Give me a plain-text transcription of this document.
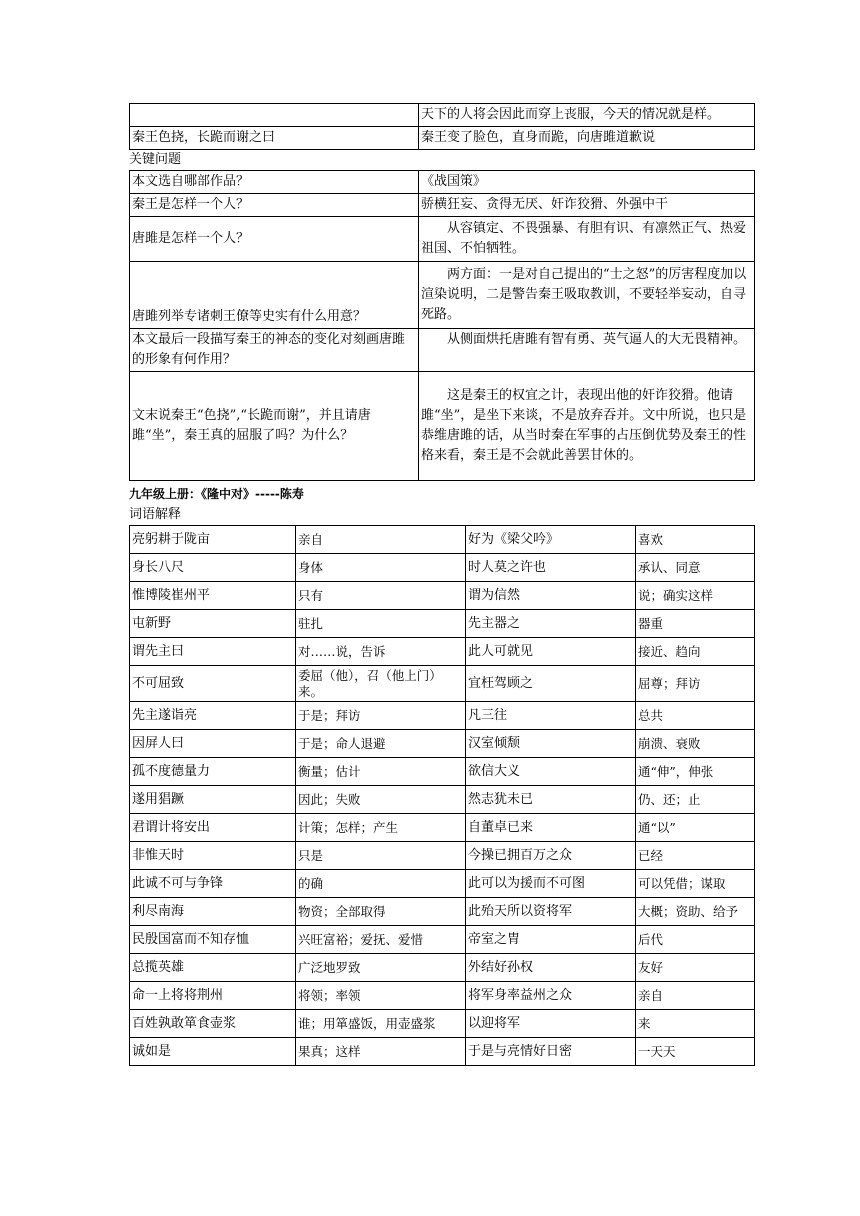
	天下的人将会因此而穿上丧服，今天的情况就是样。
秦王色挠，长跪而谢之曰	秦王变了脸色，直身而跪，向唐雎道歉说
关键问题
本文选自哪部作品？	《战国策》
秦王是怎样一个人？	骄横狂妄、贪得无厌、奸诈狡猾、外强中干
唐雎是怎样一个人？	从容镇定、不畏强暴、有胆有识、有凛然正气、热爱祖国、不怕牺牲。
唐雎列举专诸刺王僚等史实有什么用意？	两方面：一是对自己提出的“士之怒”的厉害程度加以渲染说明，二是警告秦王吸取教训，不要轻举妄动，自寻死路。
本文最后一段描写秦王的神态的变化对刻画唐雎的形象有何作用？	从侧面烘托唐雎有智有勇、英气逼人的大无畏精神。
文末说秦王“色挠”,“长跪而谢”，并且请唐雎“坐”，秦王真的屈服了吗？为什么？	这是秦王的权宜之计，表现出他的奸诈狡猾。他请雎“坐”，是坐下来谈，不是放弃吞并。文中所说，也只是恭维唐雎的话，从当时秦在军事的占压倒优势及秦王的性格来看，秦王是不会就此善罢甘休的。
九年级上册：《隆中对》-----陈寿
词语解释
亮躬耕于陇亩	亲自	好为《梁父吟》	喜欢
身长八尺	身体	时人莫之许也	承认、同意
惟博陵崔州平	只有	谓为信然	说；确实这样
屯新野	驻扎	先主器之	器重
谓先主曰	对……说，告诉	此人可就见	接近、趋向
不可屈致	委屈（他），召（他上门）来。	宜枉驾顾之	屈尊；拜访
先主遂诣亮	于是；拜访	凡三往	总共
因屏人曰	于是；命人退避	汉室倾颓	崩溃、衰败
孤不度德量力	衡量；估计	欲信大义	通“伸”，伸张
遂用猖蹶	因此；失败	然志犹未已	仍、还；止
君谓计将安出	计策；怎样；产生	自董卓已来	通“以”
非惟天时	只是	今操已拥百万之众	已经
此诚不可与争锋	的确	此可以为援而不可图	可以凭借；谋取
利尽南海	物资；全部取得	此殆天所以资将军	大概；资助、给予
民殷国富而不知存恤	兴旺富裕；爱抚、爱惜	帝室之胄	后代
总揽英雄	广泛地罗致	外结好孙权	友好
命一上将将荆州	将领；率领	将军身率益州之众	亲自
百姓孰敢箪食壶浆	谁；用箪盛饭，用壶盛浆	以迎将军	来
诚如是	果真；这样	于是与亮情好日密	一天天
